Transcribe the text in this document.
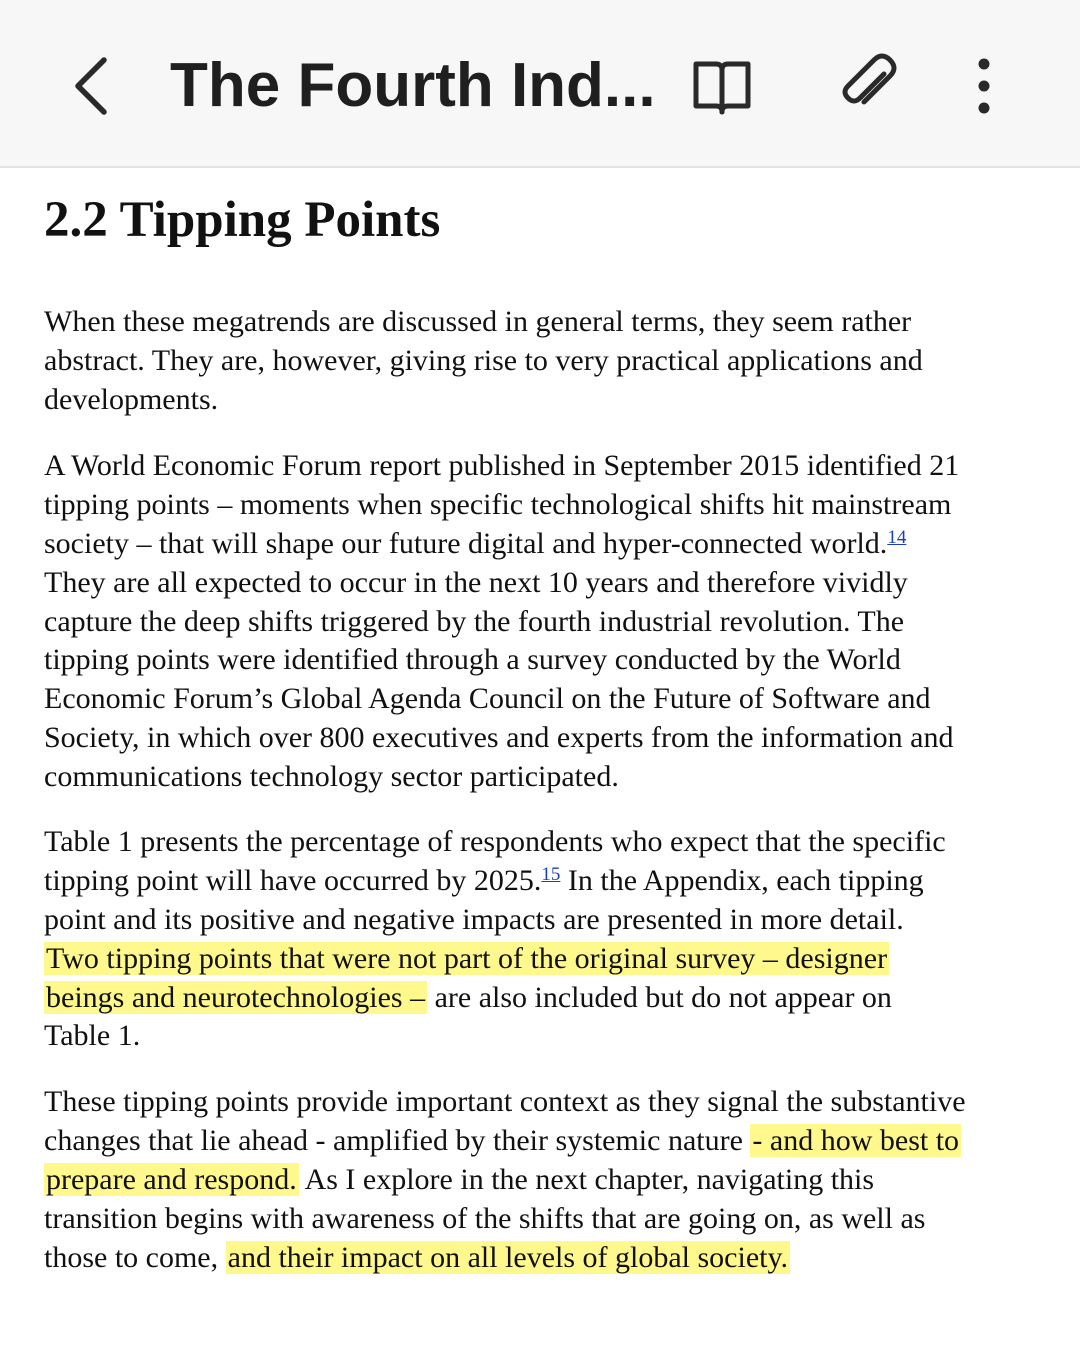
The Fourth Ind...
2.2 Tipping Points

When these megatrends are discussed in general terms, they seem rather
abstract. They are, however, giving rise to very practical applications and
developments.

A World Economic Forum report published in September 2015 identified 21
tipping points – moments when specific technological shifts hit mainstream
society – that will shape our future digital and hyper-connected world.$^{14}$
They are all expected to occur in the next 10 years and therefore vividly
capture the deep shifts triggered by the fourth industrial revolution. The
tipping points were identified through a survey conducted by the World
Economic Forum’s Global Agenda Council on the Future of Software and
Society, in which over 800 executives and experts from the information and
communications technology sector participated.

Table 1 presents the percentage of respondents who expect that the specific
tipping point will have occurred by 2025.15 In the Appendix, each tipping
point and its positive and negative impacts are presented in more detail.
Two tipping points that were not part of the original survey – designer
beings and neurotechnologies – are also included but do not appear on
Table 1.

These tipping points provide important context as they signal the substantive
changes that lie ahead - amplified by their systemic nature - and how best to
prepare and respond. As I explore in the next chapter, navigating this
transition begins with awareness of the shifts that are going on, as well as
those to come, and their impact on all levels of global society.
